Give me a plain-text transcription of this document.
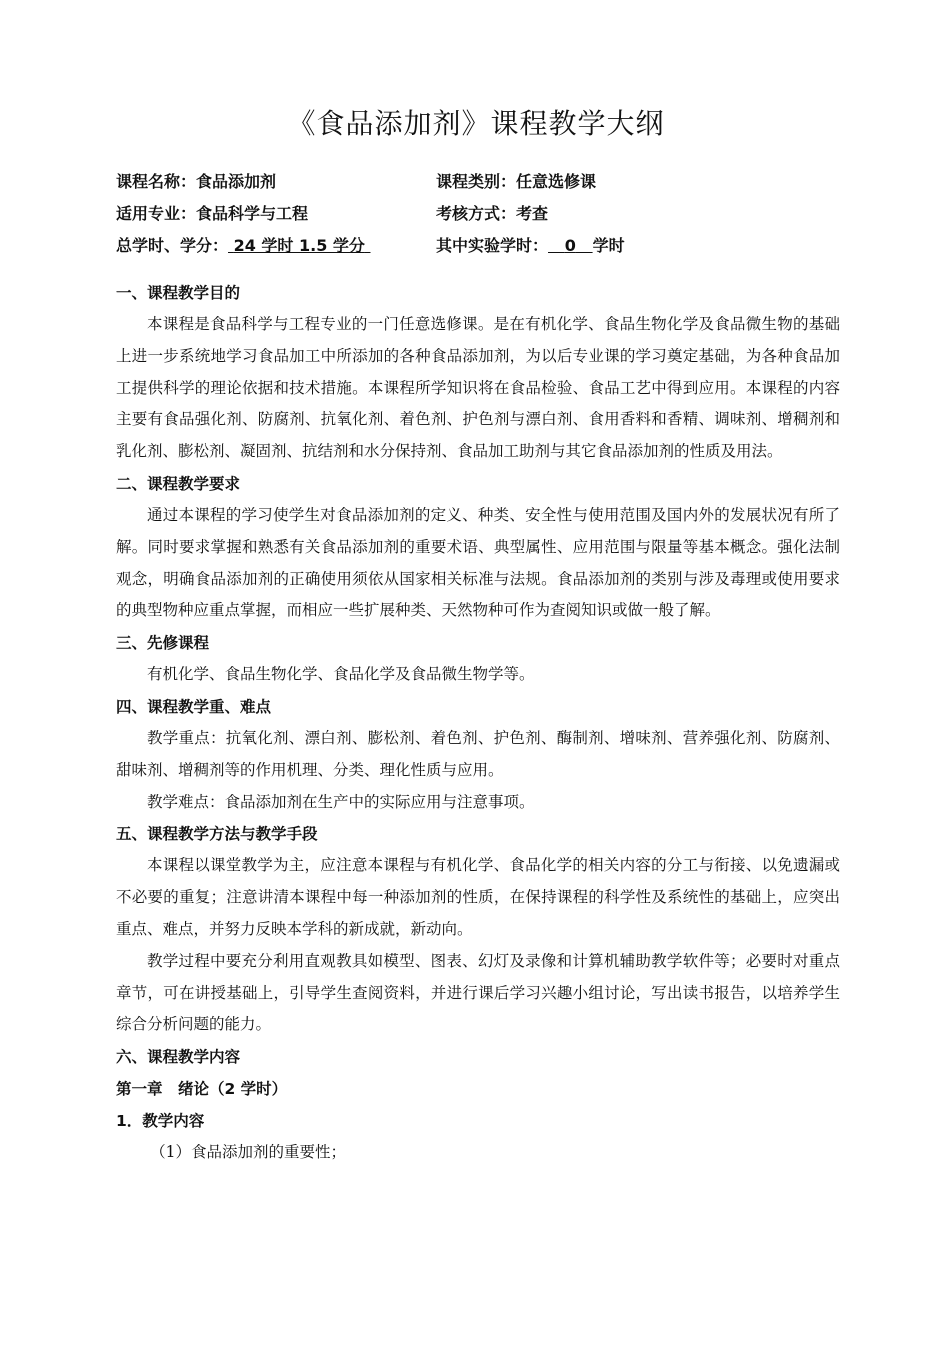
《食品添加剂》课程教学大纲
课程名称：食品添加剂	课程类别：任意选修课
适用专业：食品科学与工程	考核方式：考查
总学时、学分： 24 学时 1.5 学分	其中实验学时： 0 学时
一、课程教学目的

本课程是食品科学与工程专业的一门任意选修课。是在有机化学、食品生物化学及食品微生物的基础上进一步系统地学习食品加工中所添加的各种食品添加剂，为以后专业课的学习奠定基础，为各种食品加工提供科学的理论依据和技术措施。本课程所学知识将在食品检验、食品工艺中得到应用。本课程的内容主要有食品强化剂、防腐剂、抗氧化剂、着色剂、护色剂与漂白剂、食用香料和香精、调味剂、增稠剂和乳化剂、膨松剂、凝固剂、抗结剂和水分保持剂、食品加工助剂与其它食品添加剂的性质及用法。

二、课程教学要求

通过本课程的学习使学生对食品添加剂的定义、种类、安全性与使用范围及国内外的发展状况有所了解。同时要求掌握和熟悉有关食品添加剂的重要术语、典型属性、应用范围与限量等基本概念。强化法制观念，明确食品添加剂的正确使用须依从国家相关标准与法规。食品添加剂的类别与涉及毒理或使用要求的典型物种应重点掌握，而相应一些扩展种类、天然物种可作为查阅知识或做一般了解。

三、先修课程

有机化学、食品生物化学、食品化学及食品微生物学等。

四、课程教学重、难点

教学重点：抗氧化剂、漂白剂、膨松剂、着色剂、护色剂、酶制剂、增味剂、营养强化剂、防腐剂、甜味剂、增稠剂等的作用机理、分类、理化性质与应用。

教学难点：食品添加剂在生产中的实际应用与注意事项。

五、课程教学方法与教学手段

本课程以课堂教学为主，应注意本课程与有机化学、食品化学的相关内容的分工与衔接、以免遗漏或不必要的重复；注意讲清本课程中每一种添加剂的性质，在保持课程的科学性及系统性的基础上，应突出重点、难点，并努力反映本学科的新成就，新动向。

教学过程中要充分利用直观教具如模型、图表、幻灯及录像和计算机辅助教学软件等；必要时对重点章节，可在讲授基础上，引导学生查阅资料，并进行课后学习兴趣小组讨论，写出读书报告，以培养学生综合分析问题的能力。

六、课程教学内容
第一章　绪论（2 学时）
1．教学内容

（1）食品添加剂的重要性；
